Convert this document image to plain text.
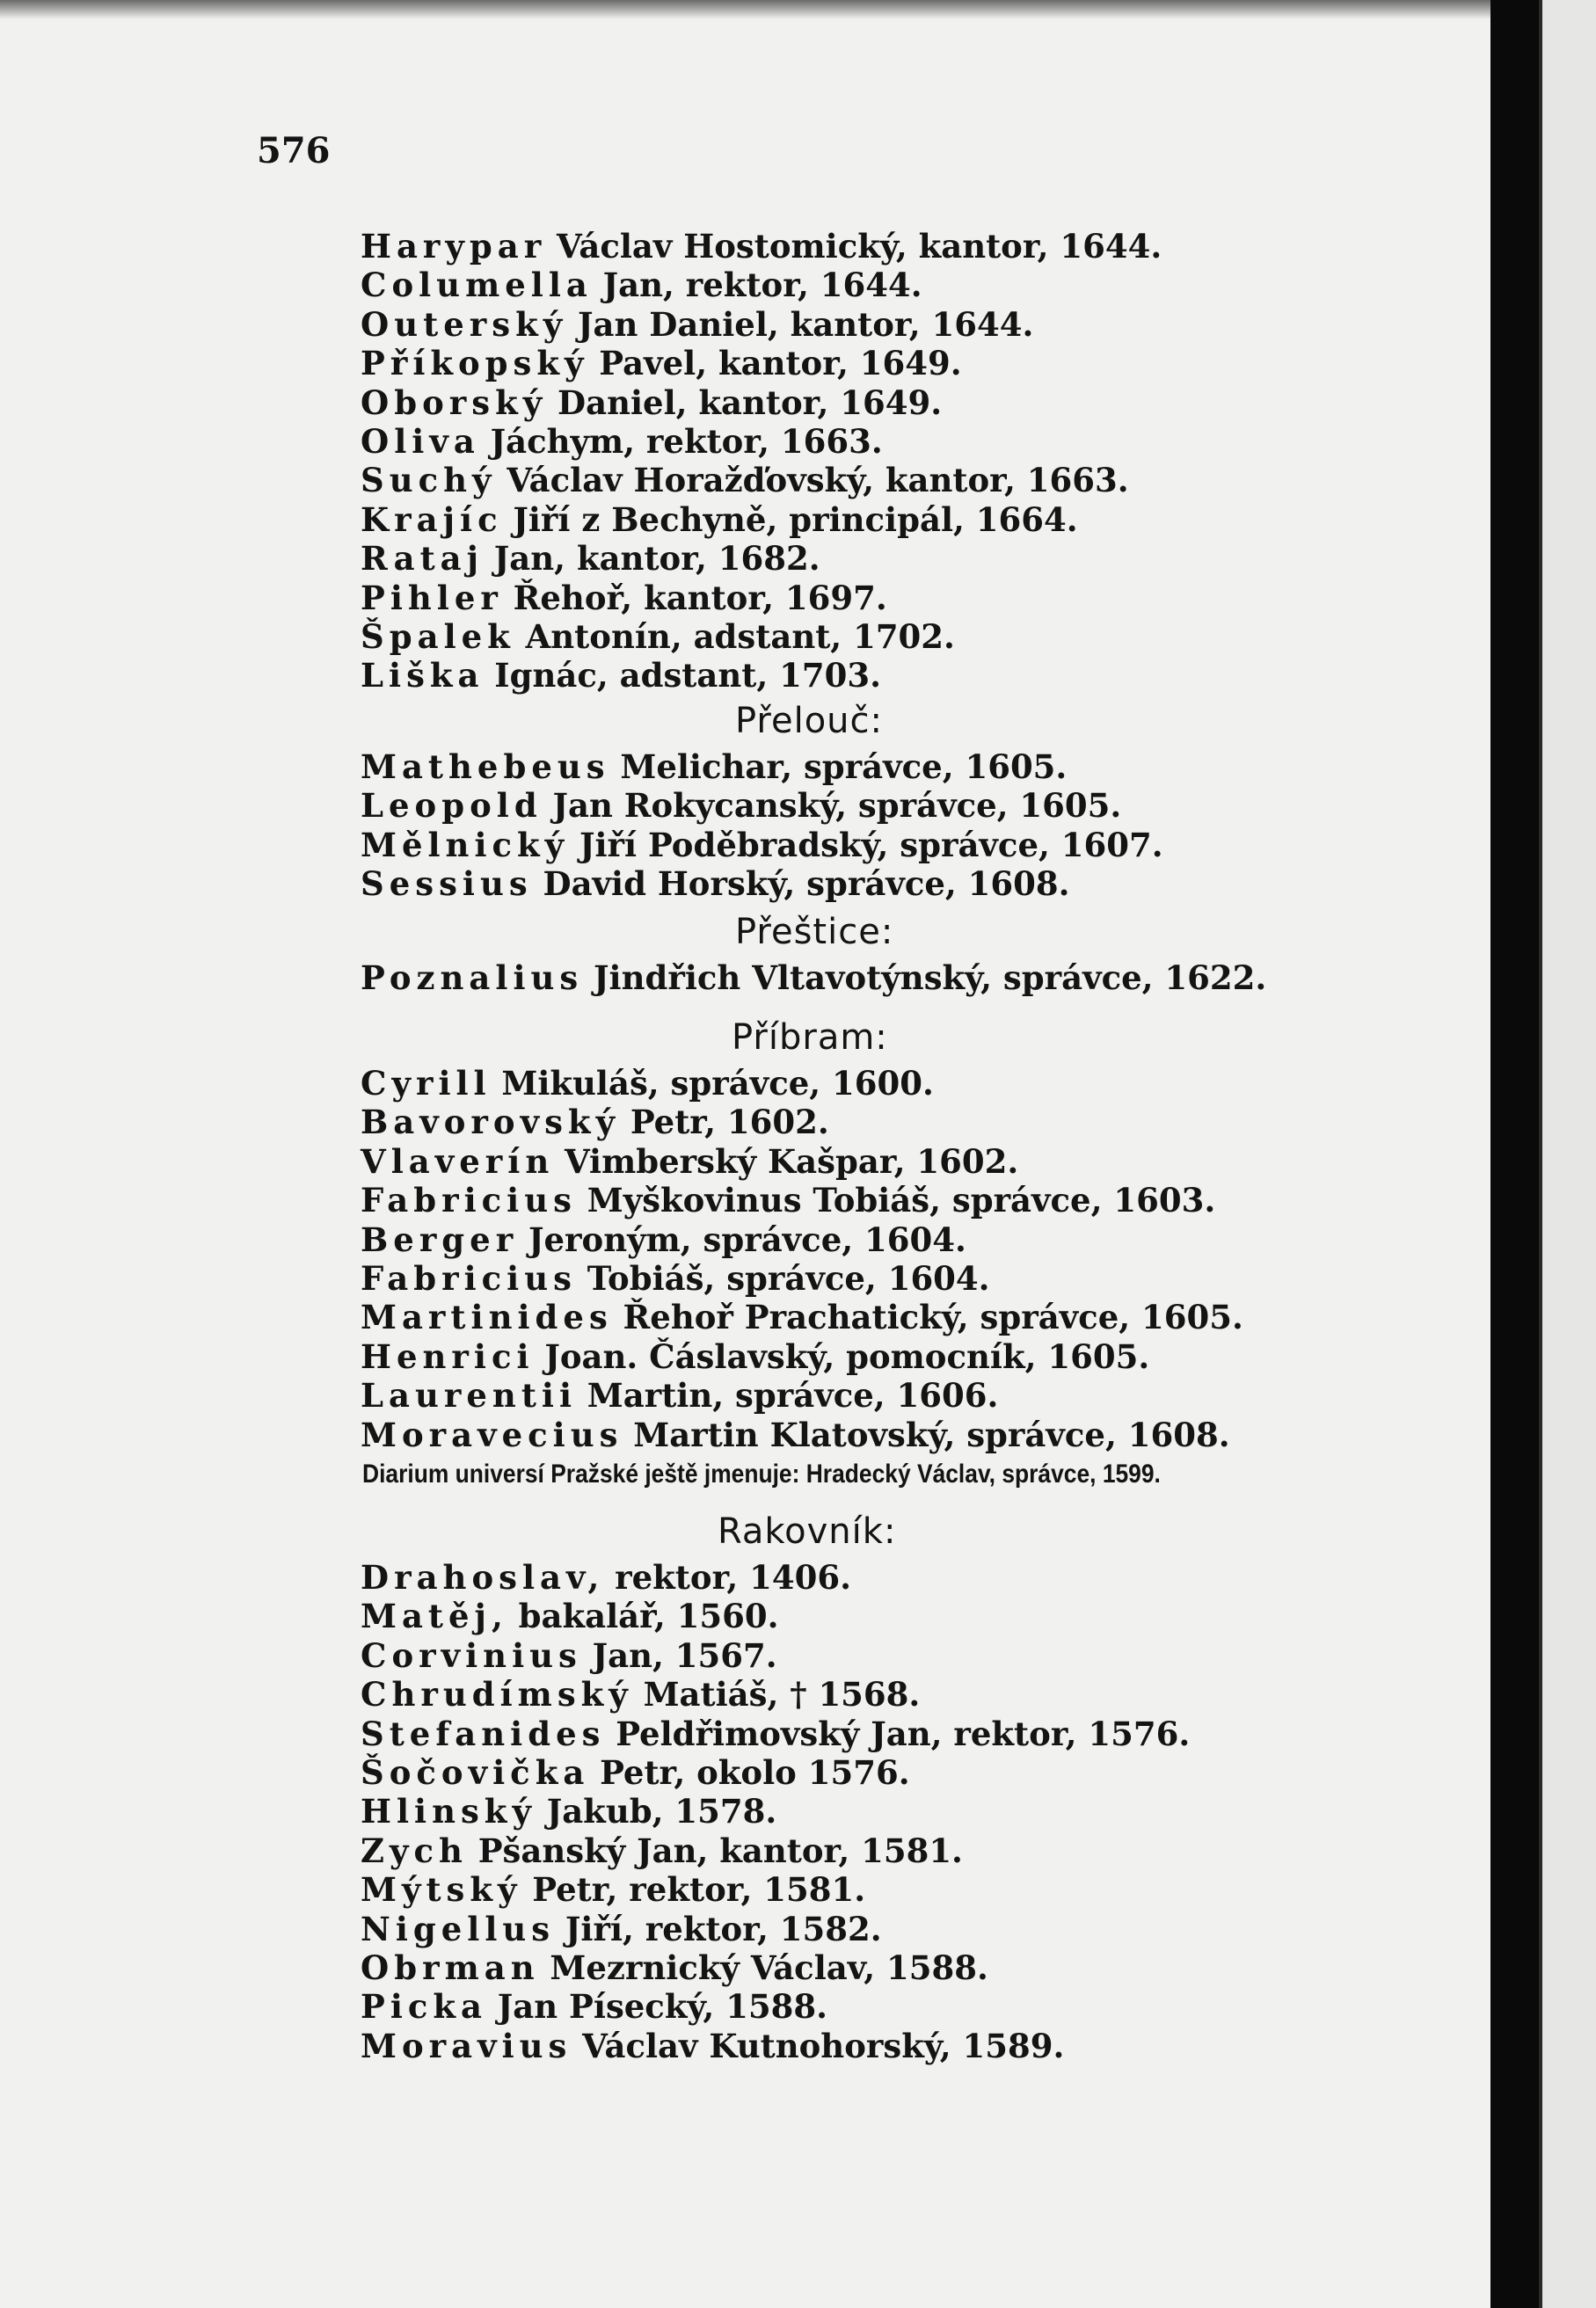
576
Harypar Václav Hostomický, kantor, 1644.
Columella Jan, rektor, 1644.
Outerský Jan Daniel, kantor, 1644.
Příkopský Pavel, kantor, 1649.
Oborský Daniel, kantor, 1649.
Oliva Jáchym, rektor, 1663.
Suchý Václav Horažďovský, kantor, 1663.
Krajíc Jiří z Bechyně, principál, 1664.
Rataj Jan, kantor, 1682.
Pihler Řehoř, kantor, 1697.
Špalek Antonín, adstant, 1702.
Liška Ignác, adstant, 1703.
Přelouč:
Mathebeus Melichar, správce, 1605.
Leopold Jan Rokycanský, správce, 1605.
Mělnický Jiří Poděbradský, správce, 1607.
Sessius David Horský, správce, 1608.
Přeštice:
Poznalius Jindřich Vltavotýnský, správce, 1622.
Příbram:
Cyrill Mikuláš, správce, 1600.
Bavorovský Petr, 1602.
Vlaverín Vimberský Kašpar, 1602.
Fabricius Myškovinus Tobiáš, správce, 1603.
Berger Jeroným, správce, 1604.
Fabricius Tobiáš, správce, 1604.
Martinides Řehoř Prachatický, správce, 1605.
Henrici Joan. Čáslavský, pomocník, 1605.
Laurentii Martin, správce, 1606.
Moravecius Martin Klatovský, správce, 1608.
Diarium universí Pražské ještě jmenuje: Hradecký Václav, správce, 1599.
Rakovník:
Drahoslav, rektor, 1406.
Matěj, bakalář, 1560.
Corvinius Jan, 1567.
Chrudímský Matiáš, † 1568.
Stefanides Peldřimovský Jan, rektor, 1576.
Šočovička Petr, okolo 1576.
Hlinský Jakub, 1578.
Zych Pšanský Jan, kantor, 1581.
Mýtský Petr, rektor, 1581.
Nigellus Jiří, rektor, 1582.
Obrman Mezrnický Václav, 1588.
Picka Jan Písecký, 1588.
Moravius Václav Kutnohorský, 1589.
